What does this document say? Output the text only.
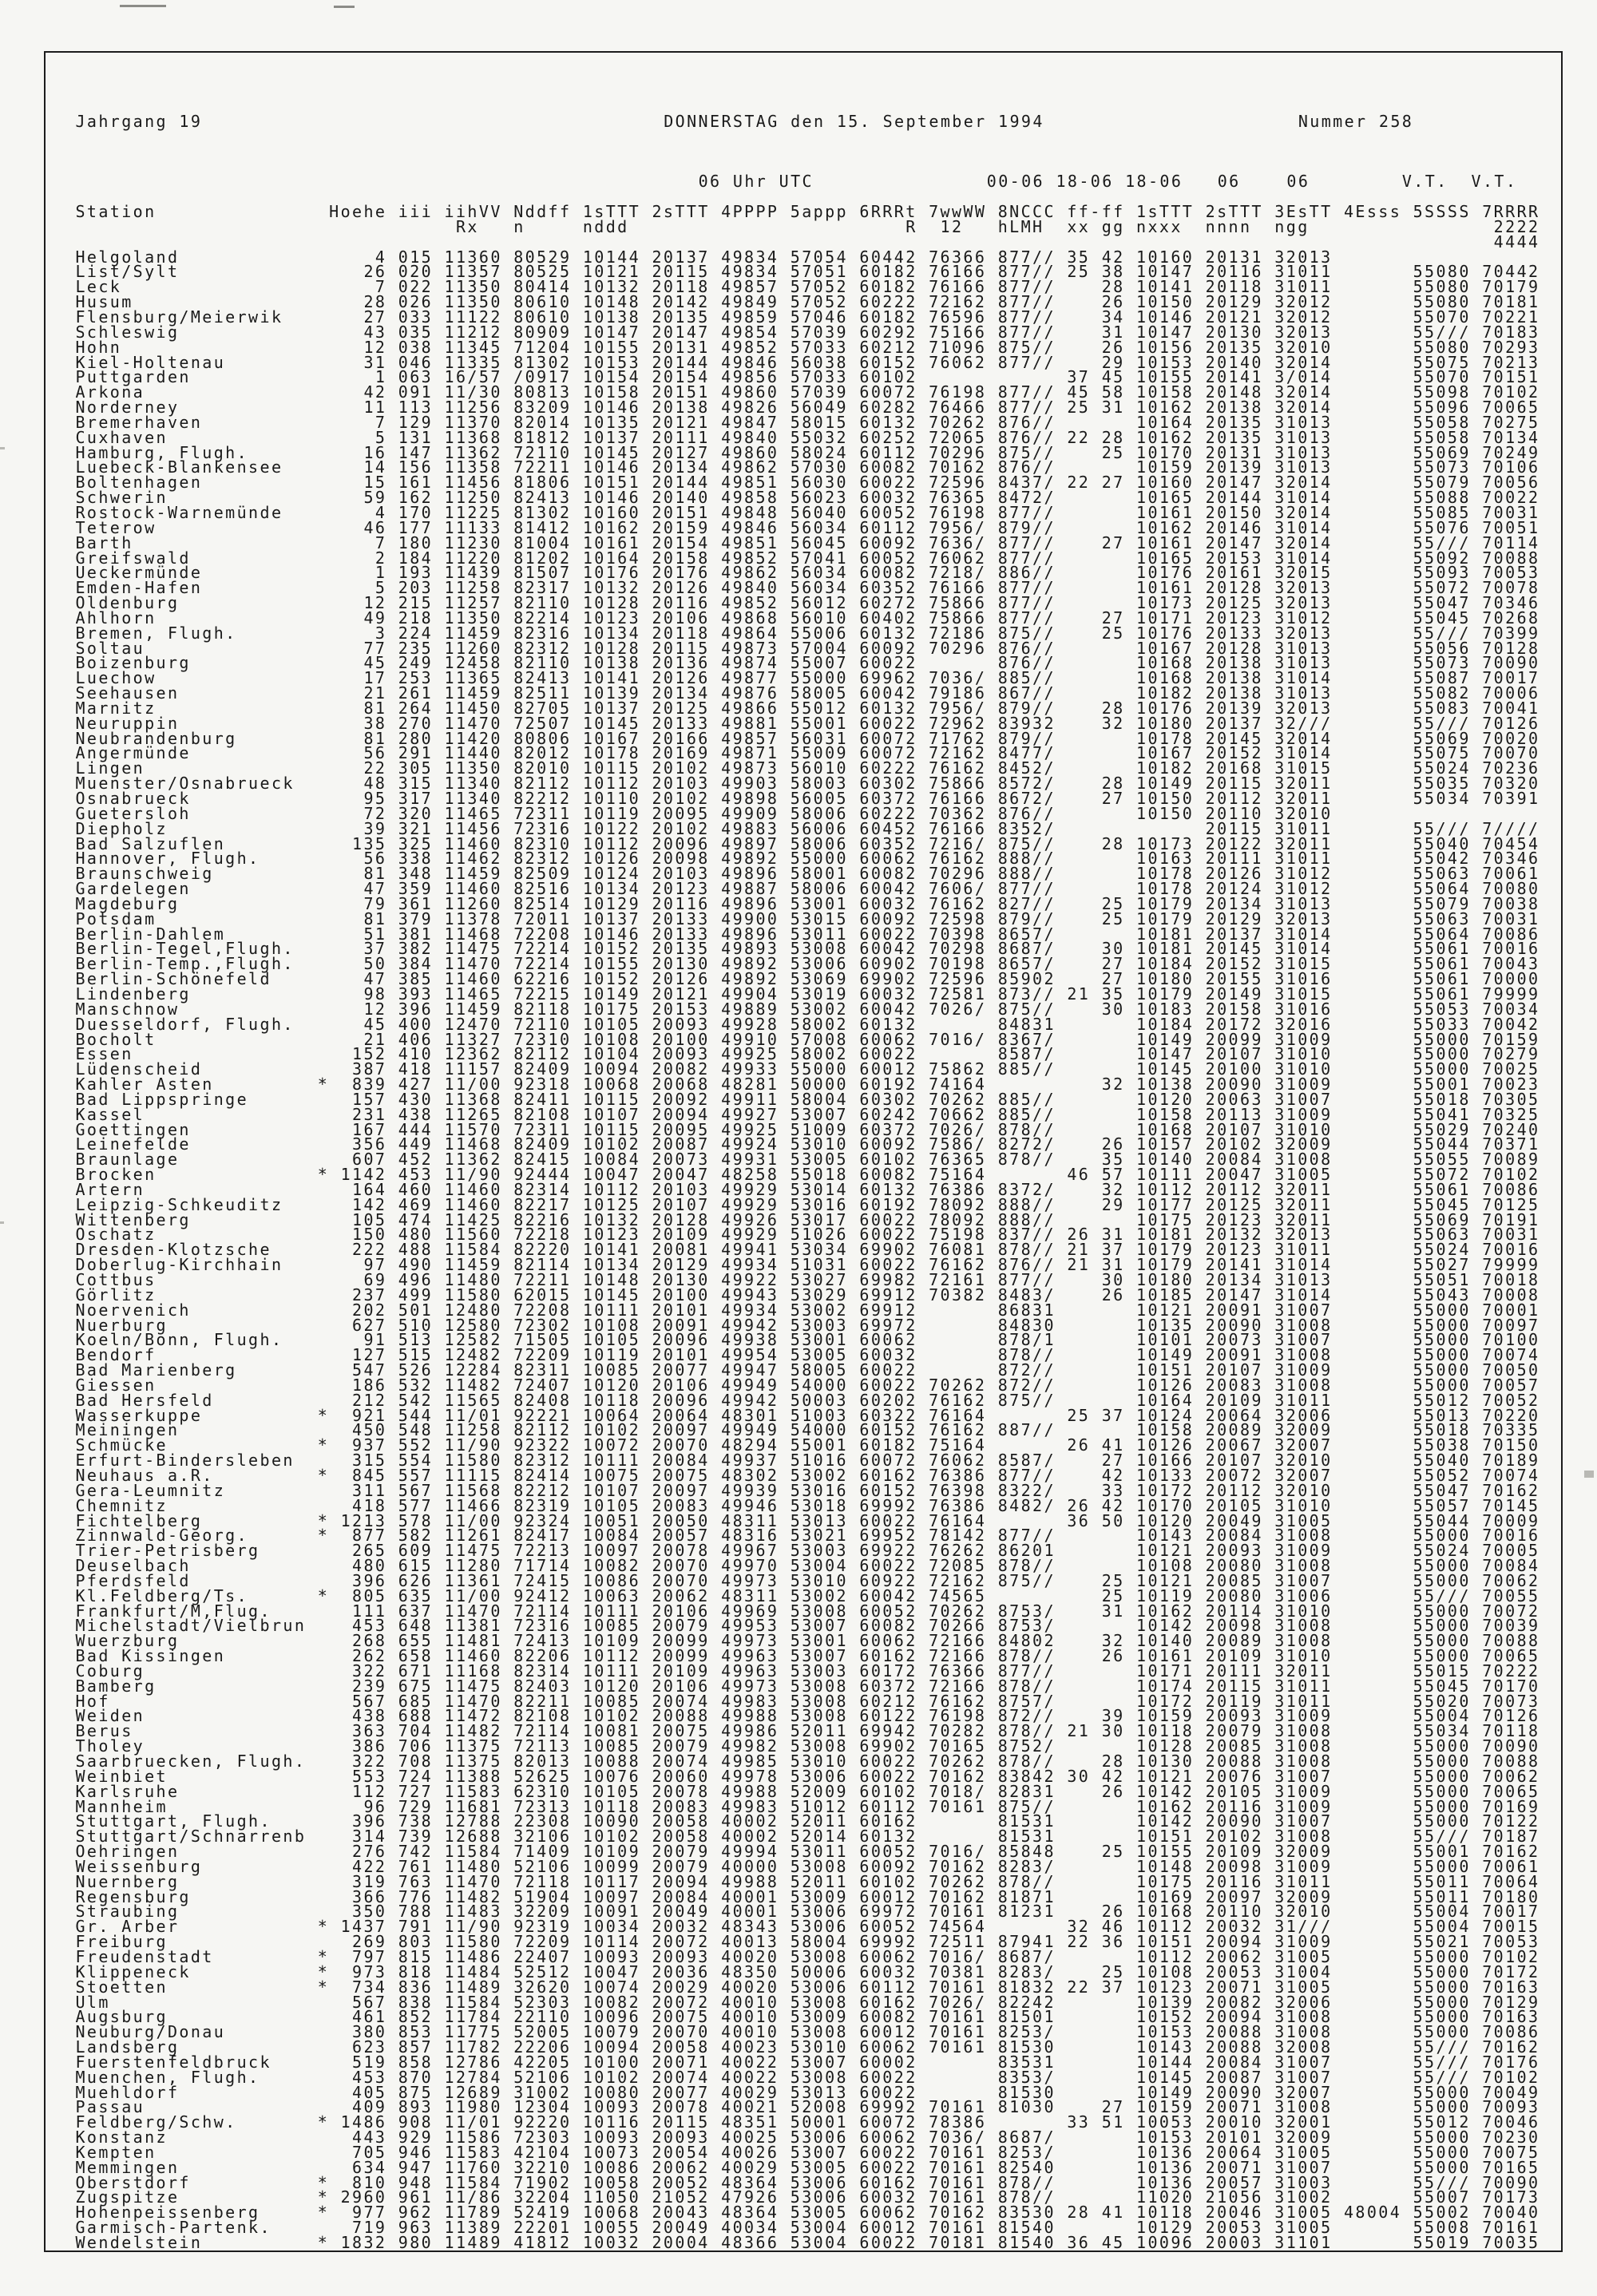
Jahrgang 19	DONNERSTAG den 15. September 1994	Nummer 258
06 Uhr UTC	00-06 18-06 18-06 06	06	V.T. V.T.
Station               Hoehe iii iihVV Nddff 1sTTT 2sTTT 4PPPP 5appp 6RRRt 7wwWW 8NCCC ff-ff 1sTTT 2sTTT 3EsTT 4Esss 5SSSS 7RRRR
Rx   n     nddd                        R  12   hLMH  xx gg nxxx  nnnn  ngg                2222
4444
Helgoland                 4 015 11360 80529 10144 20137 49834 57054 60442 76366 877// 35 42 10160 20131 32013
List/Sylt                26 020 11357 80525 10121 20115 49834 57051 60182 76166 877// 25 38 10147 20116 31011       55080 70442
Leck                      7 022 11350 80414 10132 20118 49857 57052 60182 76166 877//    28 10141 20118 31011       55080 70179
Husum                    28 026 11350 80610 10148 20142 49849 57052 60222 72162 877//    26 10150 20129 32012       55080 70181
Flensburg/Meierwik       27 033 11122 80610 10138 20135 49859 57046 60182 76596 877//    34 10146 20121 32012       55070 70221
Schleswig                43 035 11212 80909 10147 20147 49854 57039 60292 75166 877//    31 10147 20130 32013       55/// 70183
Hohn                     12 038 11345 71204 10155 20131 49852 57033 60212 71096 875//    26 10156 20135 32010       55080 70293
Kiel-Holtenau            31 046 11335 81302 10153 20144 49846 56038 60152 76062 877//    29 10153 20140 32014       55075 70213
Puttgarden                1 063 16/57 /0917 10154 20154 49856 57033 60102             37 45 10155 20141 3/014       55070 70151
Arkona                   42 091 11/30 80813 10158 20151 49860 57039 60072 76198 877// 45 58 10158 20148 32014       55098 70102
Norderney                11 113 11256 83209 10146 20138 49826 56049 60282 76466 877// 25 31 10162 20138 32014       55096 70065
Bremerhaven               7 129 11370 82014 10135 20121 49847 58015 60132 70262 876//       10164 20135 31013       55058 70275
Cuxhaven                  5 131 11368 81812 10137 20111 49840 55032 60252 72065 876// 22 28 10162 20135 31013       55058 70134
Hamburg, Flugh.          16 147 11362 72110 10145 20127 49860 58024 60112 70296 875//    25 10170 20131 31013       55069 70249
Luebeck-Blankensee       14 156 11358 72211 10146 20134 49862 57030 60082 70162 876//       10159 20139 31013       55073 70106
Boltenhagen              15 161 11456 81806 10151 20144 49851 56030 60022 72596 8437/ 22 27 10160 20147 32014       55079 70056
Schwerin                 59 162 11250 82413 10146 20140 49858 56023 60032 76365 8472/       10165 20144 31014       55088 70022
Rostock-Warnemünde        4 170 11225 81302 10160 20151 49848 56040 60052 76198 877//       10161 20150 32014       55085 70031
Teterow                  46 177 11133 81412 10162 20159 49846 56034 60112 7956/ 879//       10162 20146 31014       55076 70051
Barth                     7 180 11230 81004 10161 20154 49851 56045 60092 7636/ 877//    27 10161 20147 32014       55/// 70114
Greifswald                2 184 11220 81202 10164 20158 49852 57041 60052 76062 877//       10165 20153 31014       55092 70088
Ueckermünde               1 193 11439 81507 10176 20176 49862 56034 60082 7218/ 886//       10176 20161 32015       55093 70053
Emden-Hafen               5 203 11258 82317 10132 20126 49840 56034 60352 76166 877//       10161 20128 32013       55072 70078
Oldenburg                12 215 11257 82110 10128 20116 49852 56012 60272 75866 877//       10173 20125 32013       55047 70346
Ahlhorn                  49 218 11350 82214 10123 20106 49868 56010 60402 75866 877//    27 10171 20123 31012       55045 70268
Bremen, Flugh.            3 224 11459 82316 10134 20118 49864 55006 60132 72186 875//    25 10176 20133 32013       55/// 70399
Soltau                   77 235 11260 82312 10128 20115 49873 57004 60092 70296 876//       10167 20128 31013       55056 70128
Boizenburg               45 249 12458 82110 10138 20136 49874 55007 60022       876//       10168 20138 31013       55073 70090
Luechow                  17 253 11365 82413 10141 20126 49877 55000 69962 7036/ 885//       10168 20138 31014       55087 70017
Seehausen                21 261 11459 82511 10139 20134 49876 58005 60042 79186 867//       10182 20138 31013       55082 70006
Marnitz                  81 264 11450 82705 10137 20125 49866 55012 60132 7956/ 879//    28 10176 20139 32013       55083 70041
Neuruppin                38 270 11470 72507 10145 20133 49881 55001 60022 72962 83932    32 10180 20137 32///       55/// 70126
Neubrandenburg           81 280 11420 80806 10167 20166 49857 56031 60072 71762 879//       10178 20145 32014       55069 70020
Angermünde               56 291 11440 82012 10178 20169 49871 55009 60072 72162 8477/       10167 20152 31014       55075 70070
Lingen                   22 305 11350 82010 10115 20102 49873 56010 60222 76162 8452/       10182 20168 31015       55024 70236
Muenster/Osnabrueck      48 315 11340 82112 10112 20103 49903 58003 60302 75866 8572/    28 10149 20115 32011       55035 70320
Osnabrueck               95 317 11340 82212 10110 20102 49898 56005 60372 76166 8672/    27 10150 20112 32011       55034 70391
Guetersloh               72 320 11465 72311 10119 20095 49909 58006 60222 70362 876//       10150 20110 32010
Diepholz                 39 321 11456 72316 10122 20102 49883 56006 60452 76166 8352/             20115 31011       55/// 7////
Bad Salzuflen           135 325 11460 82310 10112 20096 49897 58006 60352 7216/ 875//    28 10173 20122 32011       55040 70454
Hannover, Flugh.         56 338 11462 82312 10126 20098 49892 55000 60062 76162 888//       10163 20111 31011       55042 70346
Braunschweig             81 348 11459 82509 10124 20103 49896 58001 60082 70296 888//       10178 20126 31012       55063 70061
Gardelegen               47 359 11460 82516 10134 20123 49887 58006 60042 7606/ 877//       10178 20124 31012       55064 70080
Magdeburg                79 361 11260 82514 10129 20116 49896 53001 60032 76162 827//    25 10179 20134 31013       55079 70038
Potsdam                  81 379 11378 72011 10137 20133 49900 53015 60092 72598 879//    25 10179 20129 32013       55063 70031
Berlin-Dahlem            51 381 11468 72208 10146 20133 49896 53011 60022 70398 8657/       10181 20137 31014       55064 70086
Berlin-Tegel,Flugh.      37 382 11475 72214 10152 20135 49893 53008 60042 70298 8687/    30 10181 20145 31014       55061 70016
Berlin-Temp.,Flugh.      50 384 11470 72214 10155 20130 49892 53006 60902 70198 8657/    27 10184 20152 31015       55061 70043
Berlin-Schönefeld        47 385 11460 62216 10152 20126 49892 53069 69902 72596 85902    27 10180 20155 31016       55061 70000
Lindenberg               98 393 11465 72215 10149 20121 49904 53019 60032 72581 873// 21 35 10179 20149 31015       55061 79999
Manschnow                12 396 11459 82118 10175 20153 49889 53002 60042 7026/ 875//    30 10183 20158 31016       55053 70034
Duesseldorf, Flugh.      45 400 12470 72110 10105 20093 49928 58002 60132       84831       10184 20172 32016       55033 70042
Bocholt                  21 406 11327 72310 10108 20100 49910 57008 60062 7016/ 8367/       10149 20099 31009       55000 70159
Essen                   152 410 12362 82112 10104 20093 49925 58002 60022       8587/       10147 20107 31010       55000 70279
Lüdenscheid             387 418 11157 82409 10094 20082 49933 55000 60012 75862 885//       10145 20100 31010       55000 70025
Kahler Asten         *  839 427 11/00 92318 10068 20068 48281 50000 60192 74164          32 10138 20090 31009       55001 70023
Bad Lippspringe         157 430 11368 82411 10115 20092 49911 58004 60302 70262 885//       10120 20063 31007       55018 70305
Kassel                  231 438 11265 82108 10107 20094 49927 53007 60242 70662 885//       10158 20113 31009       55041 70325
Goettingen              167 444 11570 72311 10115 20095 49925 51009 60372 7026/ 878//       10168 20107 31010       55029 70240
Leinefelde              356 449 11468 82409 10102 20087 49924 53010 60092 7586/ 8272/    26 10157 20102 32009       55044 70371
Braunlage               607 452 11362 82415 10084 20073 49931 53005 60102 76365 878//    35 10140 20084 31008       55055 70089
Brocken              * 1142 453 11/90 92444 10047 20047 48258 55018 60082 75164       46 57 10111 20047 31005       55072 70102
Artern                  164 460 11460 82314 10112 20103 49929 53014 60132 76386 8372/    32 10112 20112 32011       55061 70086
Leipzig-Schkeuditz      142 469 11460 82217 10125 20107 49929 53016 60192 78092 888//    29 10177 20125 32011       55045 70125
Wittenberg              105 474 11425 82216 10132 20128 49926 53017 60022 78092 888//       10175 20123 32011       55069 70191
Oschatz                 150 480 11560 72218 10123 20109 49929 51026 60022 75198 837// 26 31 10181 20132 32013       55063 70031
Dresden-Klotzsche       222 488 11584 82220 10141 20081 49941 53034 69902 76081 878// 21 37 10179 20123 31011       55024 70016
Doberlug-Kirchhain       97 490 11459 82114 10134 20129 49934 51031 60022 76162 876// 21 31 10179 20141 31014       55027 79999
Cottbus                  69 496 11480 72211 10148 20130 49922 53027 69982 72161 877//    30 10180 20134 31013       55051 70018
Görlitz                 237 499 11580 62015 10145 20100 49943 53029 69912 70382 8483/    26 10185 20147 31014       55043 70008
Noervenich              202 501 12480 72208 10111 20101 49934 53002 69912       86831       10121 20091 31007       55000 70001
Nuerburg                627 510 12580 72302 10108 20091 49942 53003 69972       84830       10135 20090 31008       55000 70097
Koeln/Bonn, Flugh.       91 513 12582 71505 10105 20096 49938 53001 60062       878/1       10101 20073 31007       55000 70100
Bendorf                 127 515 12482 72209 10119 20101 49954 53005 60032       878//       10149 20091 31008       55000 70074
Bad Marienberg          547 526 12284 82311 10085 20077 49947 58005 60022       872//       10151 20107 31009       55000 70050
Giessen                 186 532 11482 72407 10120 20106 49949 54000 60022 70262 872//       10126 20083 31008       55000 70057
Bad Hersfeld            212 542 11565 82408 10118 20096 49942 50003 60202 76162 875//       10164 20109 31011       55012 70052
Wasserkuppe          *  921 544 11/01 92221 10064 20064 48301 51003 60322 76164       25 37 10124 20064 32006       55013 70220
Meiningen               450 548 11258 82112 10102 20097 49949 54000 60152 76162 887//       10158 20089 32009       55018 70335
Schmücke             *  937 552 11/90 92322 10072 20070 48294 55001 60182 75164       26 41 10126 20067 32007       55038 70150
Erfurt-Bindersleben     315 554 11580 82312 10111 20084 49937 51016 60072 76062 8587/    27 10166 20107 32010       55040 70189
Neuhaus a.R.         *  845 557 11115 82414 10075 20075 48302 53002 60162 76386 877//    42 10133 20072 32007       55052 70074
Gera-Leumnitz           311 567 11568 82212 10107 20097 49939 53016 60152 76398 8322/    33 10172 20112 32010       55047 70162
Chemnitz                418 577 11466 82319 10105 20083 49946 53018 69992 76386 8482/ 26 42 10170 20105 31010       55057 70145
Fichtelberg          * 1213 578 11/00 92324 10051 20050 48311 53013 60022 76164       36 50 10120 20049 31005       55044 70009
Zinnwald-Georg.      *  877 582 11261 82417 10084 20057 48316 53021 69952 78142 877//       10143 20084 31008       55000 70016
Trier-Petrisberg        265 609 11475 72213 10097 20078 49967 53003 69922 76262 86201       10121 20093 31009       55024 70005
Deuselbach              480 615 11280 71714 10082 20070 49970 53004 60022 72085 878//       10108 20080 31008       55000 70084
Pferdsfeld              396 626 11361 72415 10086 20070 49973 53010 60922 72162 875//    25 10121 20085 31007       55000 70062
Kl.Feldberg/Ts.      *  805 635 11/00 92412 10063 20062 48311 53002 60042 74565          25 10119 20080 31006       55/// 70055
Frankfurt/M,Flug.       111 637 11470 72114 10111 20106 49969 53008 60052 70262 8753/    31 10162 20114 31010       55000 70072
Michelstadt/Vielbrun    453 648 11381 72316 10085 20079 49953 53007 60082 70266 8753/       10142 20098 31008       55000 70039
Wuerzburg               268 655 11481 72413 10109 20099 49973 53001 60062 72166 84802    32 10140 20089 31008       55000 70088
Bad Kissingen           262 658 11460 82206 10112 20099 49963 53007 60162 72166 878//    26 10161 20109 31010       55000 70065
Coburg                  322 671 11168 82314 10111 20109 49963 53003 60172 76366 877//       10171 20111 32011       55015 70222
Bamberg                 239 675 11475 82403 10120 20106 49973 53008 60372 72166 878//       10174 20115 31011       55045 70170
Hof                     567 685 11470 82211 10085 20074 49983 53008 60212 76162 8757/       10172 20119 31011       55020 70073
Weiden                  438 688 11472 82108 10102 20088 49988 53008 60122 76198 872//    39 10159 20093 31009       55004 70126
Berus                   363 704 11482 72114 10081 20075 49986 52011 69942 70282 878// 21 30 10118 20079 31008       55034 70118
Tholey                  386 706 11375 72113 10085 20079 49982 53008 69902 70165 8752/       10128 20085 31008       55000 70090
Saarbruecken, Flugh.    322 708 11375 82013 10088 20074 49985 53010 60022 70262 878//    28 10130 20088 31008       55000 70088
Weinbiet                553 724 11388 52625 10076 20060 49978 53006 60022 70162 83842 30 42 10121 20076 31007       55000 70062
Karlsruhe               112 727 11583 62310 10105 20078 49988 52009 60102 7018/ 82831    26 10142 20105 31009       55000 70065
Mannheim                 96 729 11681 72313 10118 20083 49983 51012 60112 70161 875//       10162 20116 31009       55000 70169
Stuttgart, Flugh.       396 738 12788 22308 10090 20058 40002 52011 60162       81531       10142 20090 31007       55000 70122
Stuttgart/Schnarrenb    314 739 12688 32106 10102 20058 40002 52014 60132       81531       10151 20102 31008       55/// 70187
Oehringen               276 742 11584 71409 10109 20079 49994 53011 60052 7016/ 85848    25 10155 20109 32009       55001 70162
Weissenburg             422 761 11480 52106 10099 20079 40000 53008 60092 70162 8283/       10148 20098 31009       55000 70061
Nuernberg               319 763 11470 72118 10117 20094 49988 52011 60102 70262 878//       10175 20116 31011       55011 70064
Regensburg              366 776 11482 51904 10097 20084 40001 53009 60012 70162 81871       10169 20097 32009       55011 70180
Straubing               350 788 11483 32209 10091 20049 40001 53006 69972 70161 81231    26 10168 20110 32010       55004 70017
Gr. Arber            * 1437 791 11/90 92319 10034 20032 48343 53006 60052 74564       32 46 10112 20032 31///       55004 70015
Freiburg                269 803 11580 72209 10114 20072 40013 58004 69992 72511 87941 22 36 10151 20094 31009       55021 70053
Freudenstadt         *  797 815 11486 22407 10093 20093 40020 53008 60062 7016/ 8687/       10112 20062 31005       55000 70102
Klippeneck           *  973 818 11484 52512 10047 20036 48350 50006 60032 70381 8283/    25 10108 20053 31004       55000 70172
Stoetten             *  734 836 11489 32620 10074 20029 40020 53006 60112 70161 81832 22 37 10123 20071 31005       55000 70163
Ulm                     567 838 11584 52303 10082 20072 40010 53008 60162 7026/ 82242       10139 20082 32006       55000 70129
Augsburg                461 852 11784 22110 10096 20075 40010 53009 60082 70161 81501       10152 20094 31008       55000 70163
Neuburg/Donau           380 853 11775 52005 10079 20070 40010 53008 60012 70161 8253/       10153 20088 31008       55000 70086
Landsberg               623 857 11782 22206 10094 20058 40023 53010 60062 70161 81530       10143 20088 32008       55/// 70162
Fuerstenfeldbruck       519 858 12786 42205 10100 20071 40022 53007 60002       83531       10144 20084 31007       55/// 70176
Muenchen, Flugh.        453 870 12784 52106 10102 20074 40022 53008 60022       8353/       10145 20087 31007       55/// 70102
Muehldorf               405 875 12689 31002 10080 20077 40029 53013 60022       81530       10149 20090 32007       55000 70049
Passau                  409 893 11980 12304 10093 20078 40021 52008 69992 70161 81030    27 10159 20071 31008       55000 70093
Feldberg/Schw.       * 1486 908 11/01 92220 10116 20115 48351 50001 60072 78386       33 51 10053 20010 32001       55012 70046
Konstanz                443 929 11586 72303 10093 20093 40025 53006 60062 7036/ 8687/       10153 20101 32009       55000 70230
Kempten                 705 946 11583 42104 10073 20054 40026 53007 60022 70161 8253/       10136 20064 31005       55000 70075
Memmingen               634 947 11760 32210 10086 20062 40029 53005 60022 70161 82540       10136 20071 31007       55000 70165
Oberstdorf           *  810 948 11584 71902 10058 20052 48364 53006 60162 70161 878//       10136 20057 31003       55/// 70090
Zugspitze            * 2960 961 11/86 32204 11050 21052 47926 53006 60032 70161 878//       11020 21056 31002       55007 70173
Hohenpeissenberg     *  977 962 11789 52419 10068 20043 48364 53005 60062 70162 83530 28 41 10118 20046 31005 48004 55002 70040
Garmisch-Partenk.       719 963 11389 22201 10055 20049 40034 53004 60012 70161 81540       10129 20053 31005       55008 70161
Wendelstein          * 1832 980 11489 41812 10032 20004 48366 53004 60022 70181 81540 36 45 10096 20003 31101       55019 70035
